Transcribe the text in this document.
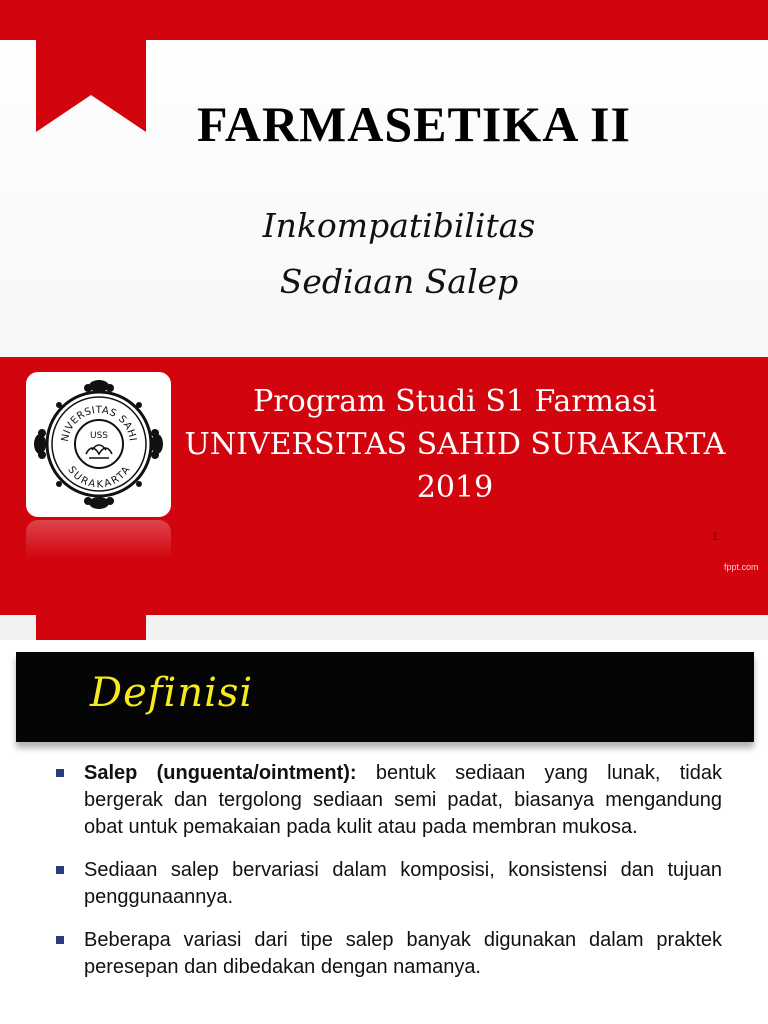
FARMASETIKA II
Inkompatibilitas
Sediaan Salep
NIVERSITAS SAHI
SURAKARTA
USS
Program Studi S1 Farmasi
UNIVERSITAS SAHID SURAKARTA
2019
1
fppt.com
Definisi
Salep (unguenta/ointment): bentuk sediaan yang lunak, tidak bergerak dan tergolong sediaan semi padat, biasanya mengandung obat untuk pemakaian pada kulit atau pada membran mukosa.
Sediaan salep bervariasi dalam komposisi, konsistensi dan tujuan penggunaannya.
Beberapa variasi dari tipe salep banyak digunakan dalam praktek peresepan dan dibedakan dengan namanya.
